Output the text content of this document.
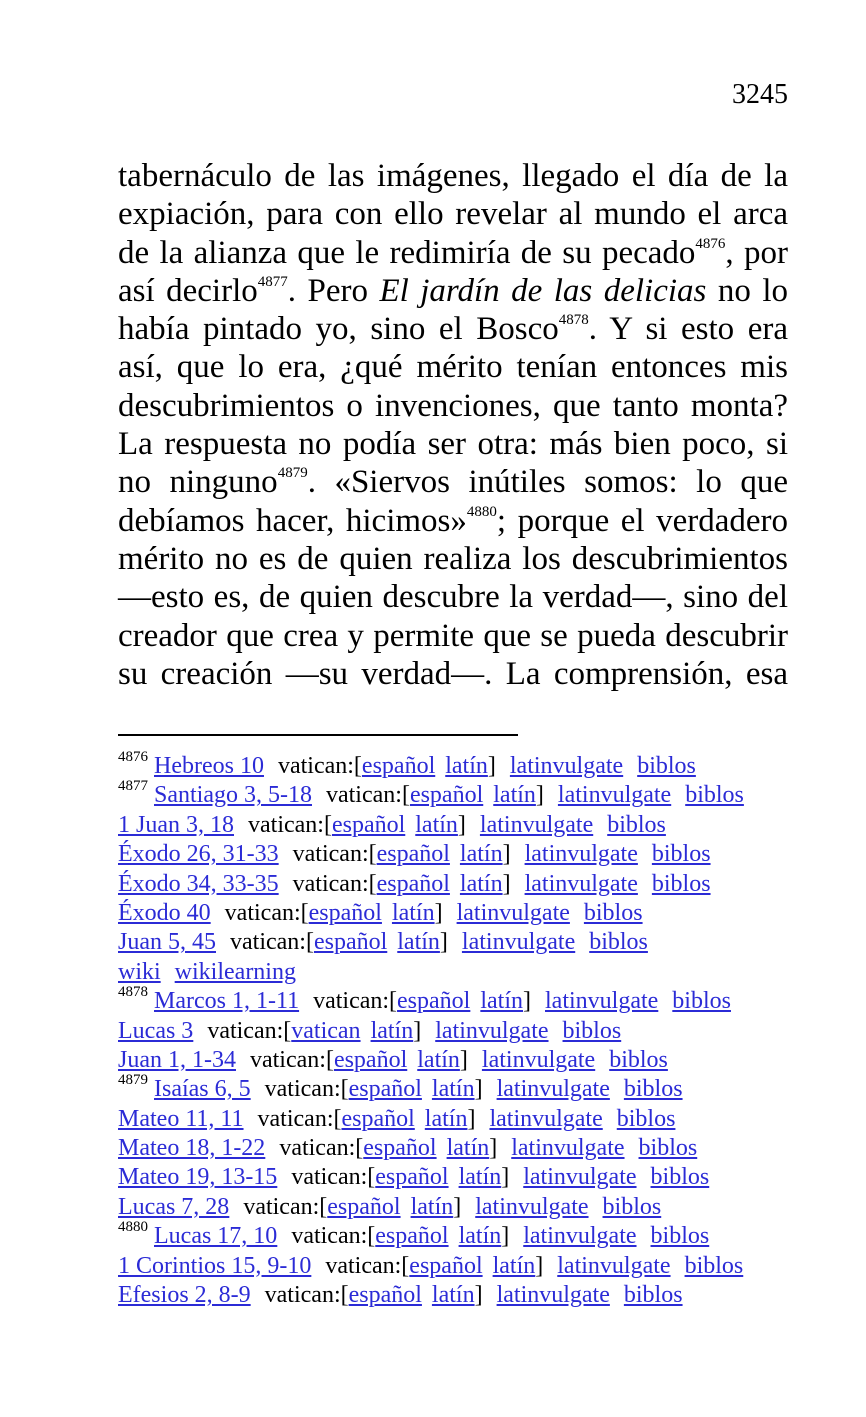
3245
tabernáculo de las imágenes, llegado el día de la
expiación, para con ello revelar al mundo el arca
de la alianza que le redimiría de su pecado$^{4876}$, por
así decirlo$^{4877}$. Pero El jardín de las delicias no lo
había pintado yo, sino el Bosco$^{4878}$. Y si esto era
así, que lo era, ¿qué mérito tenían entonces mis
descubrimientos o invenciones, que tanto monta?
La respuesta no podía ser otra: más bien poco, si
no ninguno$^{4879}$. «Siervos inútiles somos: lo que
debíamos hacer, hicimos»$^{4880}$; porque el verdadero
mérito no es de quien realiza los descubrimientos
—esto es, de quien descubre la verdad—, sino del
creador que crea y permite que se pueda descubrir
su creación —su verdad—. La comprensión, esa
$^{4876}$ Hebreos 10 vatican:[español latín] latinvulgate biblos
$^{4877}$ Santiago 3, 5-18 vatican:[español latín] latinvulgate biblos
1 Juan 3, 18 vatican:[español latín] latinvulgate biblos
Éxodo 26, 31-33 vatican:[español latín] latinvulgate biblos
Éxodo 34, 33-35 vatican:[español latín] latinvulgate biblos
Éxodo 40 vatican:[español latín] latinvulgate biblos
Juan 5, 45 vatican:[español latín] latinvulgate biblos
wiki wikilearning
$^{4878}$ Marcos 1, 1-11 vatican:[español latín] latinvulgate biblos
Lucas 3 vatican:[vatican latín] latinvulgate biblos
Juan 1, 1-34 vatican:[español latín] latinvulgate biblos
$^{4879}$ Isaías 6, 5 vatican:[español latín] latinvulgate biblos
Mateo 11, 11 vatican:[español latín] latinvulgate biblos
Mateo 18, 1-22 vatican:[español latín] latinvulgate biblos
Mateo 19, 13-15 vatican:[español latín] latinvulgate biblos
Lucas 7, 28 vatican:[español latín] latinvulgate biblos
$^{4880}$ Lucas 17, 10 vatican:[español latín] latinvulgate biblos
1 Corintios 15, 9-10 vatican:[español latín] latinvulgate biblos
Efesios 2, 8-9 vatican:[español latín] latinvulgate biblos
